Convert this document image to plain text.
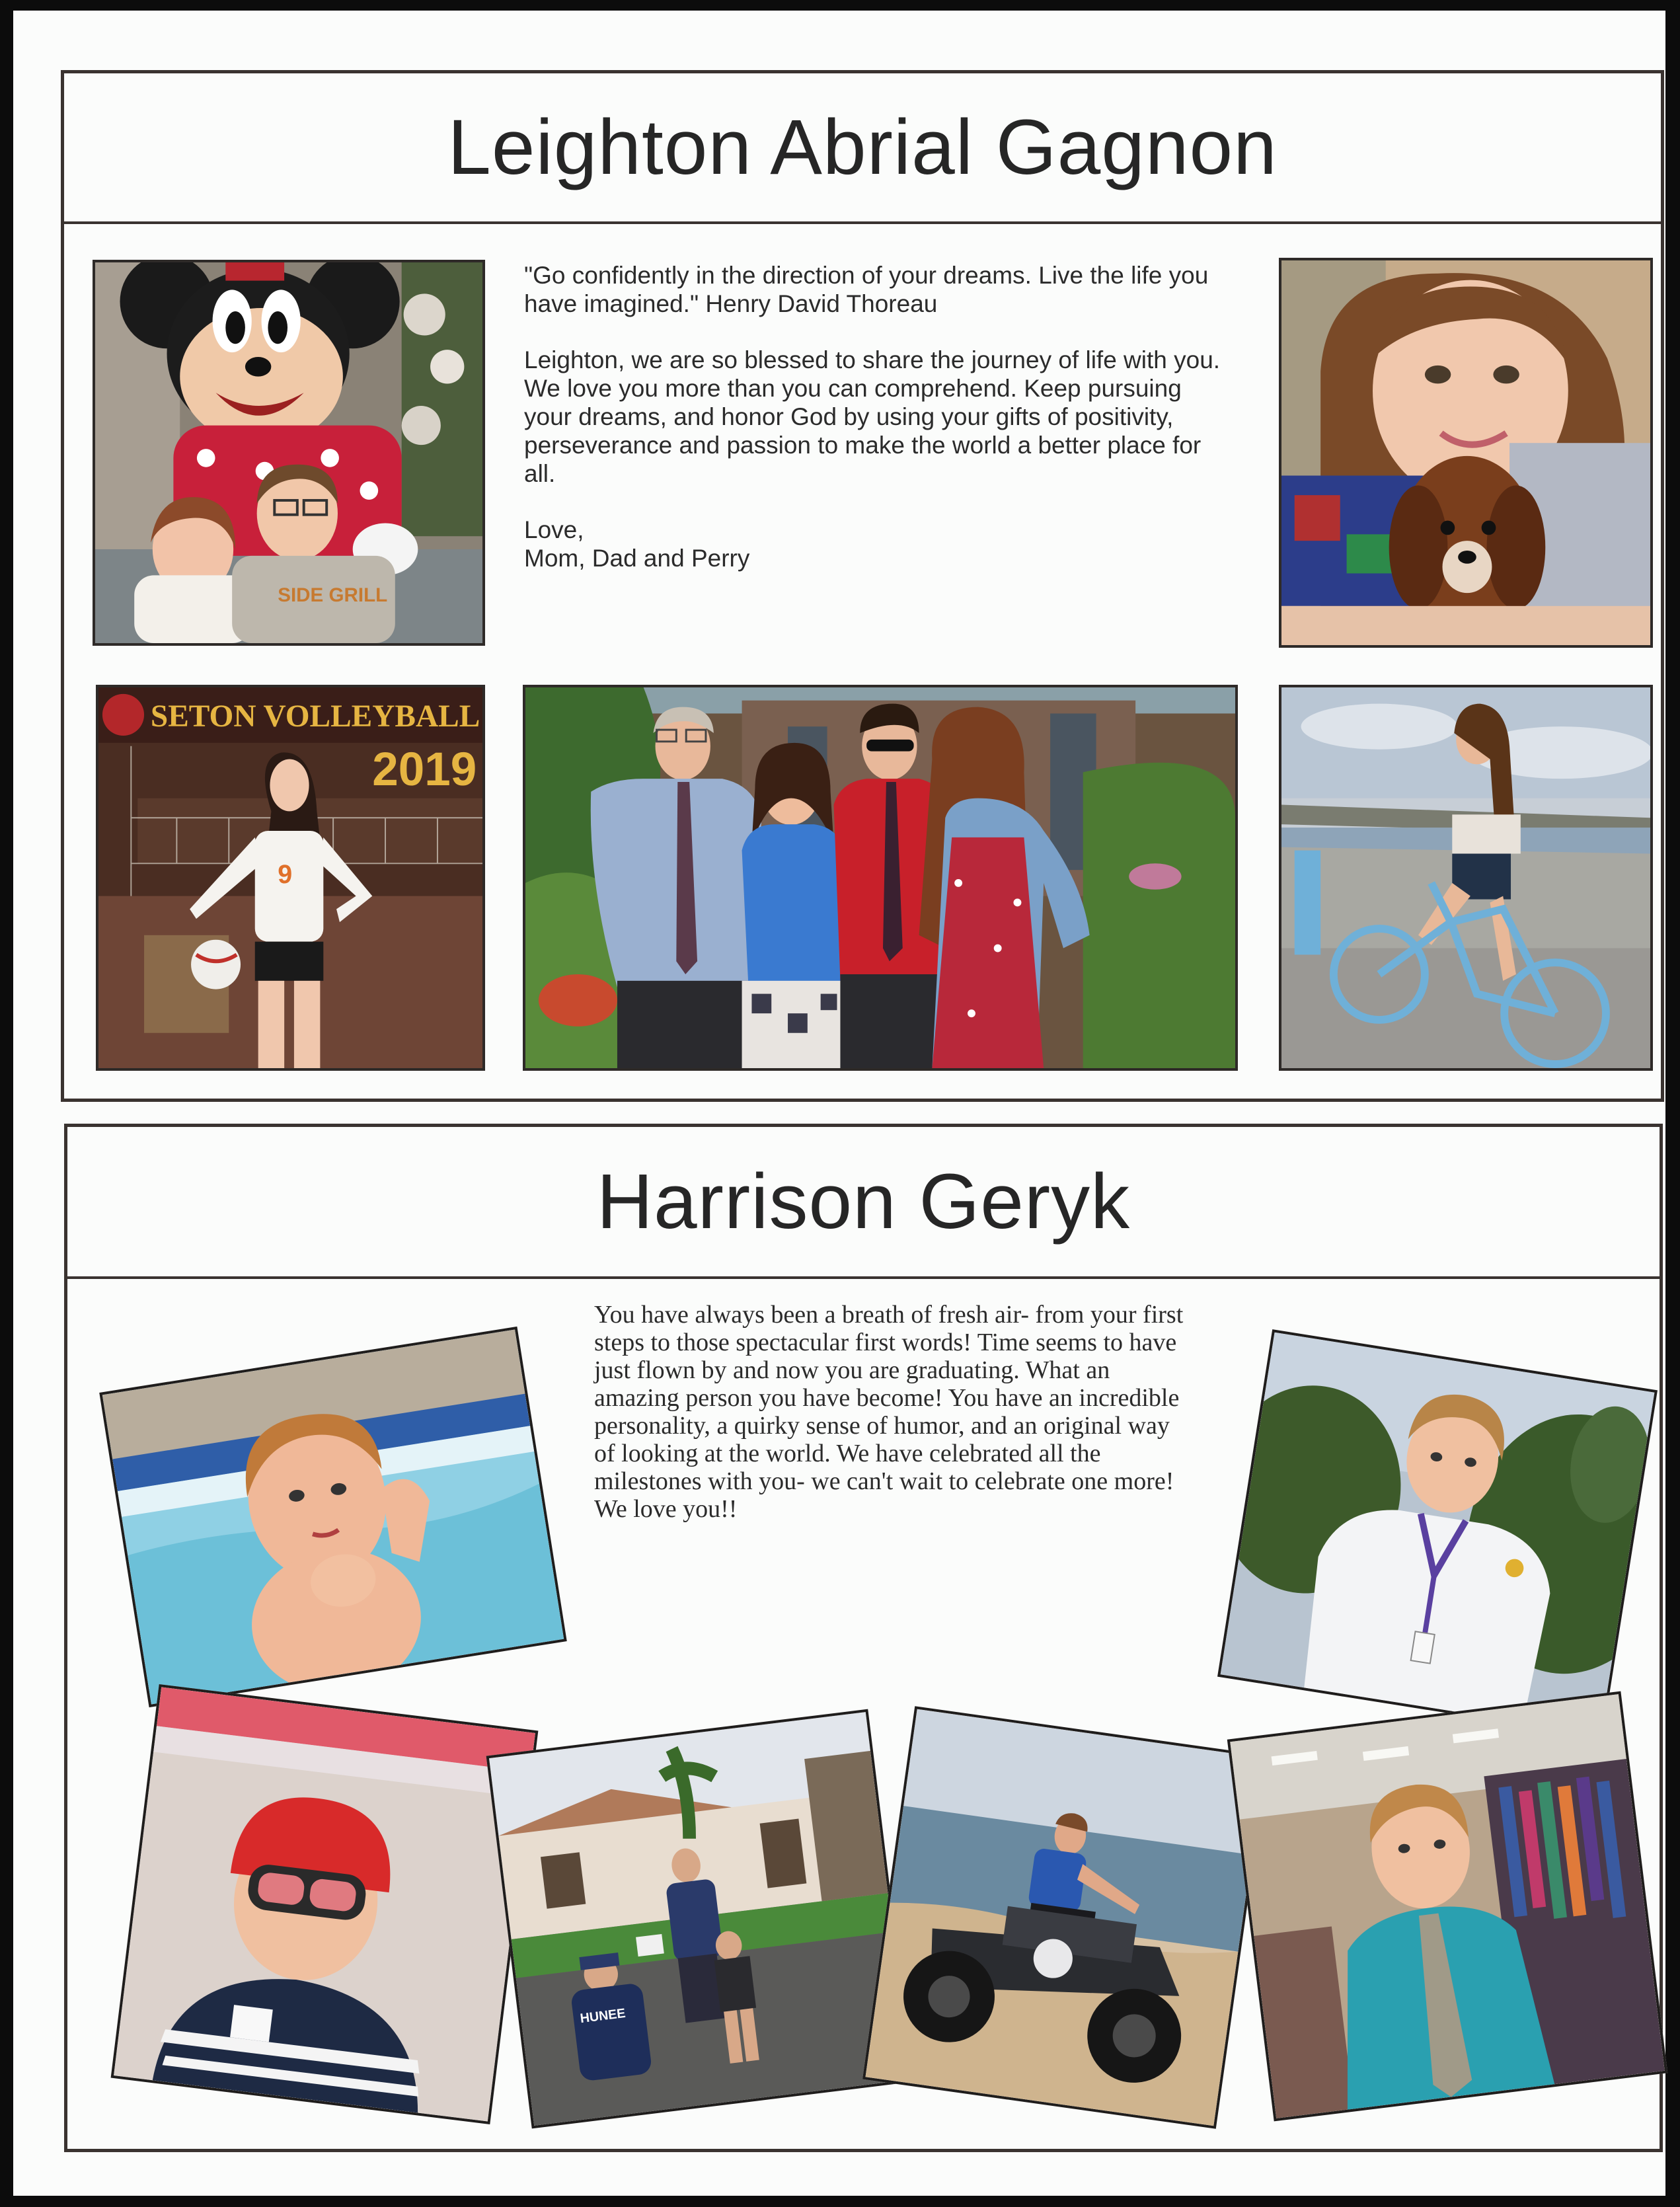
Leighton Abrial Gagnon
SIDE GRILL

"Go confidently in the direction of your dreams. Live the life you have imagined." Henry David Thoreau

Leighton, we are so blessed to share the journey of life with you. We love you more than you can comprehend. Keep pursuing your dreams, and honor God by using your gifts of positivity, perseverance and passion to make the world a better place for all.

Love,
Mom, Dad and Perry
SETON VOLLEYBALL
2019
9
Harrison Geryk

You have always been a breath of fresh air- from your first steps to those spectacular first words! Time seems to have just flown by and now you are graduating. What an amazing person you have become! You have an incredible personality, a quirky sense of humor, and an original way of looking at the world. We have celebrated all the milestones with you- we can't wait to celebrate one more! We love you!!

HUNEE
